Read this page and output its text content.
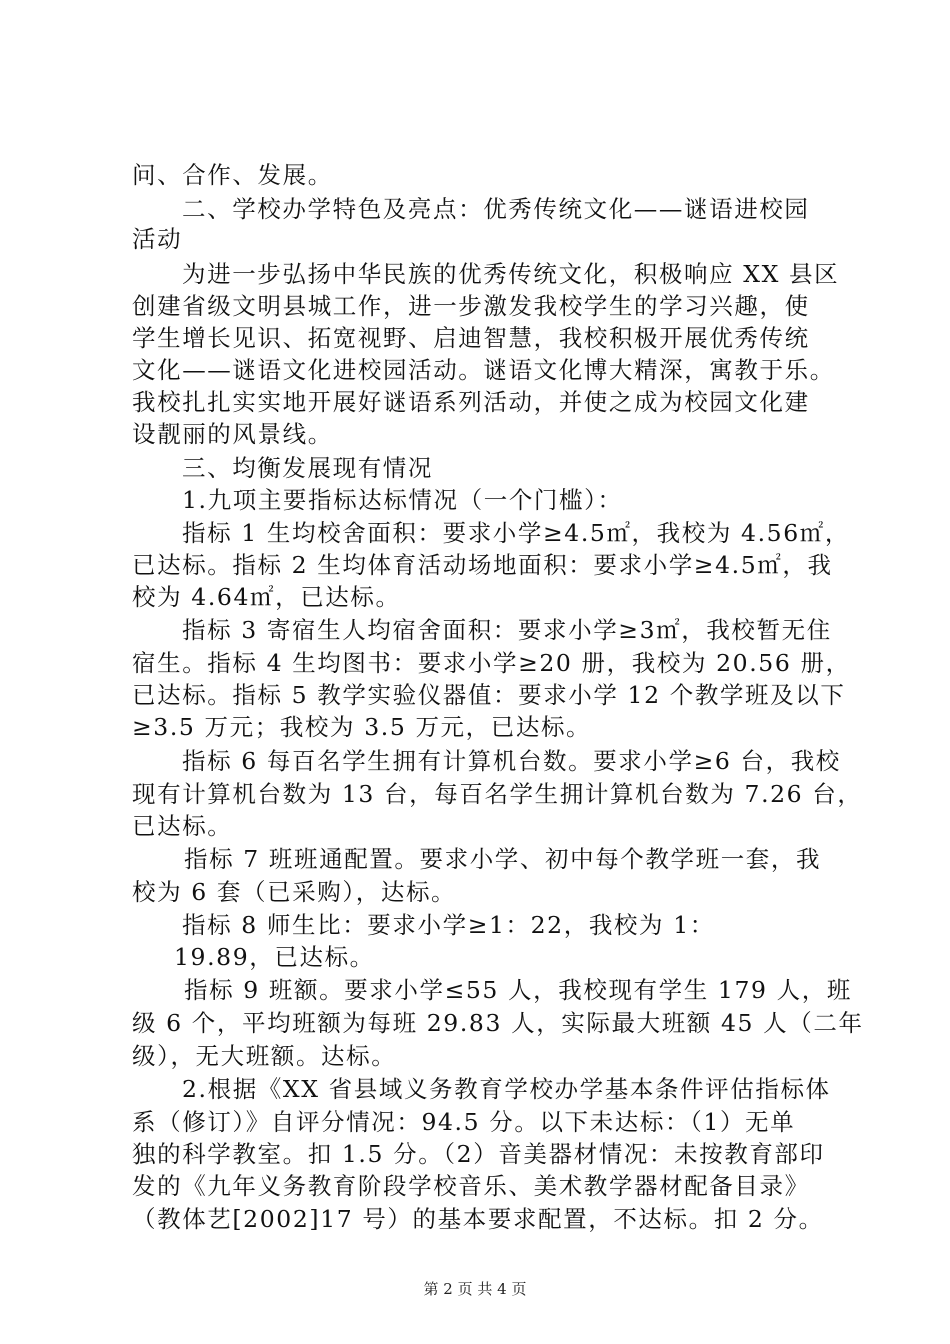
问、合作、发展。
二、学校办学特色及亮点：优秀传统文化——谜语进校园
活动
为进一步弘扬中华民族的优秀传统文化，积极响应 XX 县区
创建省级文明县城工作，进一步激发我校学生的学习兴趣，使
学生增长见识、拓宽视野、启迪智慧，我校积极开展优秀传统
文化——谜语文化进校园活动。谜语文化博大精深，寓教于乐。
我校扎扎实实地开展好谜语系列活动，并使之成为校园文化建
设靓丽的风景线。
三、均衡发展现有情况
1.九项主要指标达标情况（一个门槛）：
指标 1 生均校舍面积：要求小学≥4.5㎡，我校为 4.56㎡，
已达标。指标 2 生均体育活动场地面积：要求小学≥4.5㎡，我
校为 4.64㎡，已达标。
指标 3 寄宿生人均宿舍面积：要求小学≥3㎡，我校暂无住
宿生。指标 4 生均图书：要求小学≥20 册，我校为 20.56 册，
已达标。指标 5 教学实验仪器值：要求小学 12 个教学班及以下
≥3.5 万元；我校为 3.5 万元，已达标。
指标 6 每百名学生拥有计算机台数。要求小学≥6 台，我校
现有计算机台数为 13 台，每百名学生拥计算机台数为 7.26 台，
已达标。
指标 7 班班通配置。要求小学、初中每个教学班一套，我
校为 6 套（已采购），达标。
指标 8 师生比：要求小学≥1：22，我校为 1：
19.89，已达标。
指标 9 班额。要求小学≤55 人，我校现有学生 179 人，班
级 6 个，平均班额为每班 29.83 人，实际最大班额 45 人（二年
级），无大班额。达标。
2.根据《XX 省县域义务教育学校办学基本条件评估指标体
系（修订）》自评分情况：94.5 分。以下未达标：（1）无单
独的科学教室。扣 1.5 分。（2）音美器材情况：未按教育部印
发的《九年义务教育阶段学校音乐、美术教学器材配备目录》
（教体艺[2002]17 号）的基本要求配置，不达标。扣 2 分。
第 2 页 共 4 页
